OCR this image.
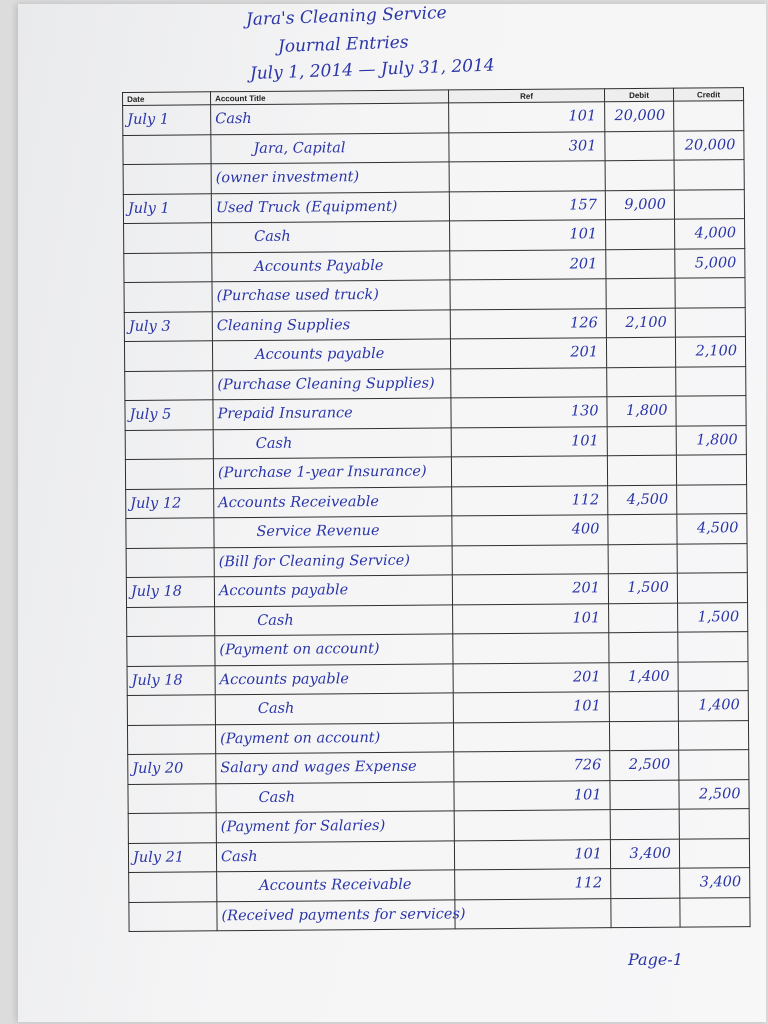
Jara's Cleaning Service
Journal Entries
July 1, 2014 — July 31, 2014
Date	Account Title	Ref	Debit	Credit
July 1	Cash	101	20,000	
	Jara, Capital	301		20,000
	(owner investment)			
July 1	Used Truck (Equipment)	157	9,000	
	Cash	101		4,000
	Accounts Payable	201		5,000
	(Purchase used truck)			
July 3	Cleaning Supplies	126	2,100	
	Accounts payable	201		2,100
	(Purchase Cleaning Supplies)			
July 5	Prepaid Insurance	130	1,800	
	Cash	101		1,800
	(Purchase 1-year Insurance)			
July 12	Accounts Receiveable	112	4,500	
	Service Revenue	400		4,500
	(Bill for Cleaning Service)			
July 18	Accounts payable	201	1,500	
	Cash	101		1,500
	(Payment on account)			
July 18	Accounts payable	201	1,400	
	Cash	101		1,400
	(Payment on account)			
July 20	Salary and wages Expense	726	2,500	
	Cash	101		2,500
	(Payment for Salaries)			
July 21	Cash	101	3,400	
	Accounts Receivable	112		3,400
	(Received payments for services)			
Page-1
